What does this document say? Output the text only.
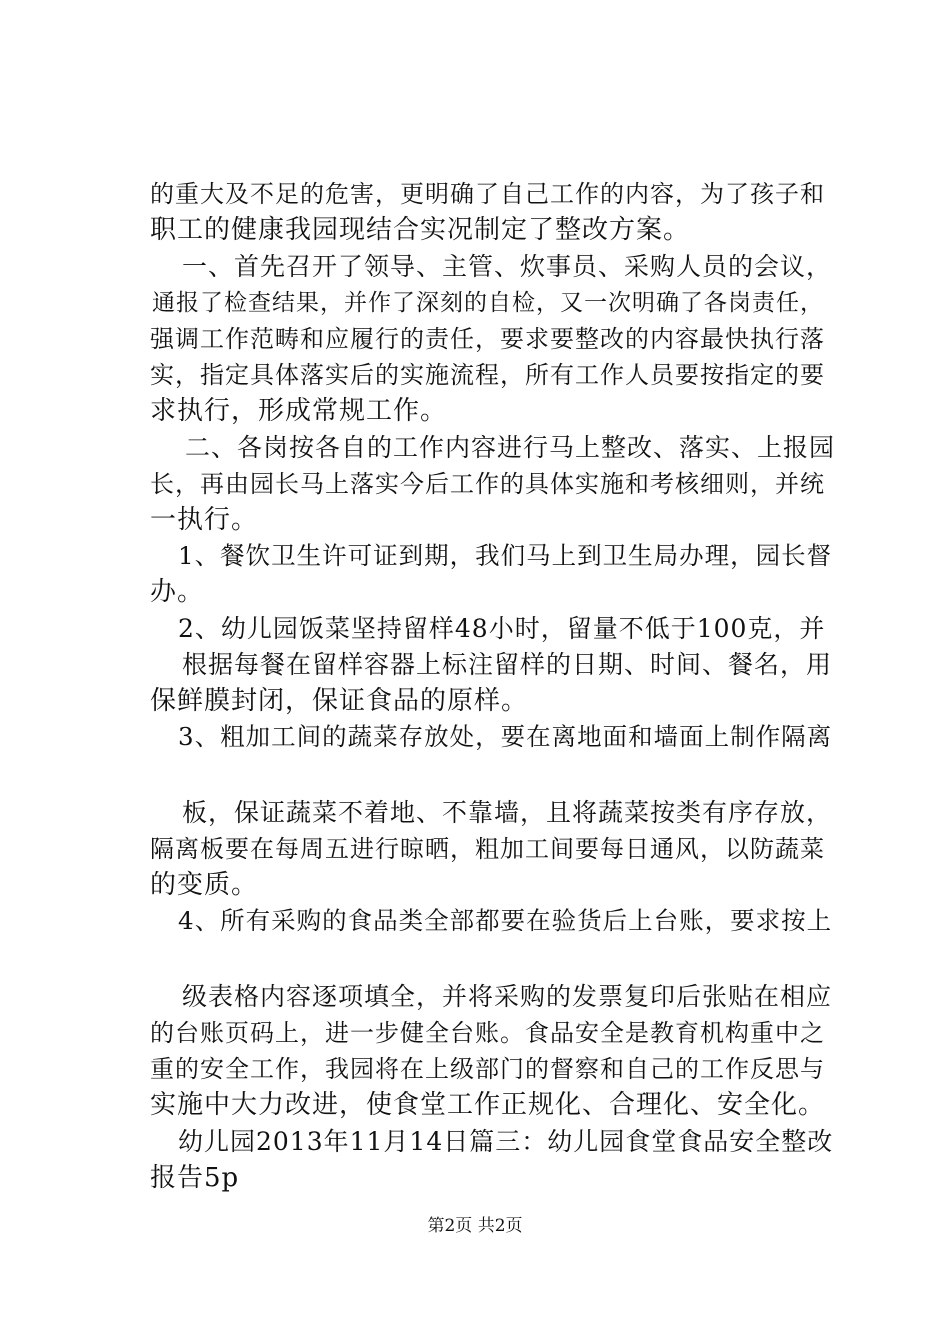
的重大及不足的危害，更明确了自己工作的内容，为了孩子和
职工的健康我园现结合实况制定了整改方案。
一、首先召开了领导、主管、炊事员、采购人员的会议，
通报了检查结果，并作了深刻的自检，又一次明确了各岗责任，
强调工作范畴和应履行的责任，要求要整改的内容最快执行落
实，指定具体落实后的实施流程，所有工作人员要按指定的要
求执行，形成常规工作。
二、各岗按各自的工作内容进行马上整改、落实、上报园
长，再由园长马上落实今后工作的具体实施和考核细则，并统
一执行。
1、餐饮卫生许可证到期，我们马上到卫生局办理，园长督
办。
2、幼儿园饭菜坚持留样48小时，留量不低于100克，并
根据每餐在留样容器上标注留样的日期、时间、餐名，用
保鲜膜封闭，保证食品的原样。
3、粗加工间的蔬菜存放处，要在离地面和墙面上制作隔离
板，保证蔬菜不着地、不靠墙，且将蔬菜按类有序存放，
隔离板要在每周五进行晾晒，粗加工间要每日通风，以防蔬菜
的变质。
4、所有采购的食品类全部都要在验货后上台账，要求按上
级表格内容逐项填全，并将采购的发票复印后张贴在相应
的台账页码上，进一步健全台账。食品安全是教育机构重中之
重的安全工作，我园将在上级部门的督察和自己的工作反思与
实施中大力改进，使食堂工作正规化、合理化、安全化。
幼儿园2013年11月14日篇三：幼儿园食堂食品安全整改
报告5p
第2页 共2页
